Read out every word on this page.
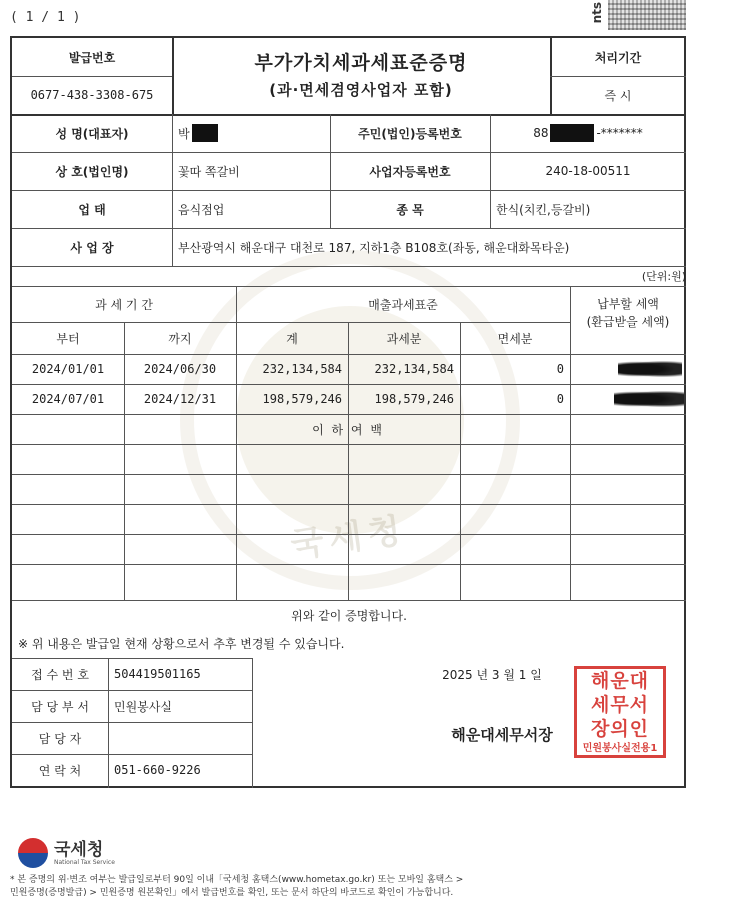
( 1 / 1 )	nts
국세청
발급번호
0677-438-3308-675
부가가치세과세표준증명
(과·면세겸영사업자 포함)
처리기간
즉 시
성 명(대표자)	박	주민(법인)등록번호	88	-*******
상 호(법인명)	꽃따 쪽갈비	사업자등록번호	240-18-00511
업 태	음식점업	종 목	한식(치킨,등갈비)
사 업 장	부산광역시 해운대구 대천로 187, 지하1층 B108호(좌동, 해운대화목타운)
(단위:원)
과 세 기 간	매출과세표준	납부할 세액
(환급받을 세액)
부터	까지	계	과세분	면세분
2024/01/01	2024/06/30	232,134,584	232,134,584	0
2024/07/01	2024/12/31	198,579,246	198,579,246	0
이 하 여 백
위와 같이 증명합니다.
※ 위 내용은 발급일 현재 상황으로서 추후 변경될 수 있습니다.
접 수 번 호	504419501165
담 당 부 서	민원봉사실
담 당 자
연 락 처	051-660-9226
2025 년 3 월 1 일
해운대세무서장
해운대
세무서
장의인
민원봉사실전용1
국세청
National Tax Service
* 본 증명의 위·변조 여부는 발급일로부터 90일 이내「국세청 홈택스(www.hometax.go.kr) 또는 모바일 홈택스 >
민원증명(증명발급) > 민원증명 원본확인」에서 발급번호를 확인, 또는 문서 하단의 바코드로 확인이 가능합니다.
